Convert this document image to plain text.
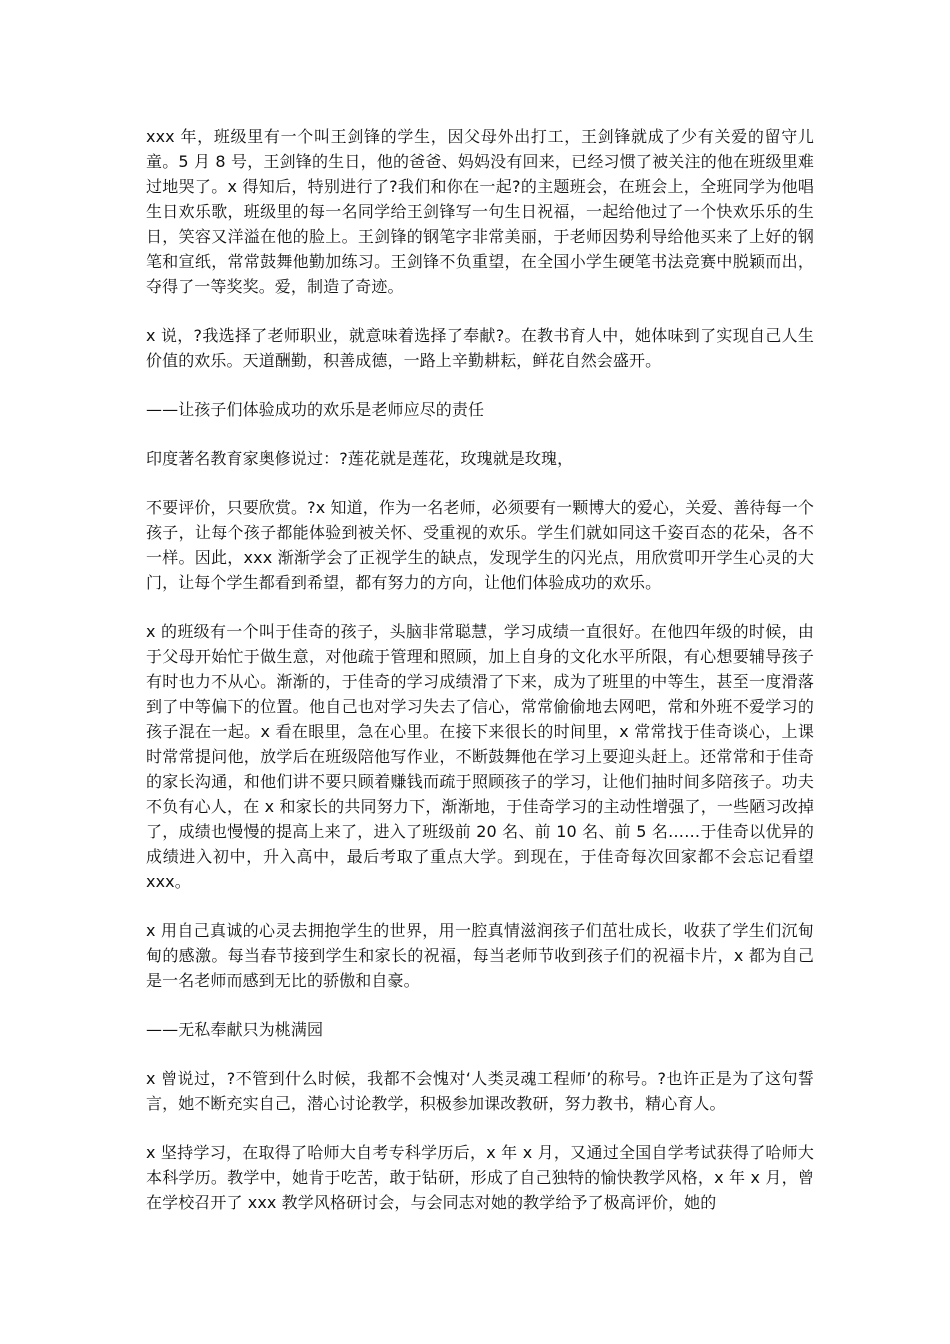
xxx 年，班级里有一个叫王剑锋的学生，因父母外出打工，王剑锋就成了少有关爱的留守儿童。5 月 8 号，王剑锋的生日，他的爸爸、妈妈没有回来，已经习惯了被关注的他在班级里难过地哭了。x 得知后，特别进行了?我们和你在一起?的主题班会，在班会上，全班同学为他唱生日欢乐歌，班级里的每一名同学给王剑锋写一句生日祝福，一起给他过了一个快欢乐乐的生日，笑容又洋溢在他的脸上。王剑锋的钢笔字非常美丽，于老师因势利导给他买来了上好的钢笔和宣纸，常常鼓舞他勤加练习。王剑锋不负重望，在全国小学生硬笔书法竞赛中脱颖而出，夺得了一等奖奖。爱，制造了奇迹。

x 说，?我选择了老师职业，就意味着选择了奉献?。在教书育人中，她体味到了实现自己人生价值的欢乐。天道酬勤，积善成德，一路上辛勤耕耘，鲜花自然会盛开。

——让孩子们体验成功的欢乐是老师应尽的责任

印度著名教育家奥修说过：?莲花就是莲花，玫瑰就是玫瑰，

不要评价，只要欣赏。?x 知道，作为一名老师，必须要有一颗博大的爱心，关爱、善待每一个孩子，让每个孩子都能体验到被关怀、受重视的欢乐。学生们就如同这千姿百态的花朵，各不一样。因此，xxx 渐渐学会了正视学生的缺点，发现学生的闪光点，用欣赏叩开学生心灵的大门，让每个学生都看到希望，都有努力的方向，让他们体验成功的欢乐。

x 的班级有一个叫于佳奇的孩子，头脑非常聪慧，学习成绩一直很好。在他四年级的时候，由于父母开始忙于做生意，对他疏于管理和照顾，加上自身的文化水平所限，有心想要辅导孩子有时也力不从心。渐渐的，于佳奇的学习成绩滑了下来，成为了班里的中等生，甚至一度滑落到了中等偏下的位置。他自己也对学习失去了信心，常常偷偷地去网吧，常和外班不爱学习的孩子混在一起。x 看在眼里，急在心里。在接下来很长的时间里，x 常常找于佳奇谈心，上课时常常提问他，放学后在班级陪他写作业，不断鼓舞他在学习上要迎头赶上。还常常和于佳奇的家长沟通，和他们讲不要只顾着赚钱而疏于照顾孩子的学习，让他们抽时间多陪孩子。功夫不负有心人，在 x 和家长的共同努力下，渐渐地，于佳奇学习的主动性增强了，一些陋习改掉了，成绩也慢慢的提高上来了，进入了班级前 20 名、前 10 名、前 5 名……于佳奇以优异的成绩进入初中，升入高中，最后考取了重点大学。到现在，于佳奇每次回家都不会忘记看望 xxx。

x 用自己真诚的心灵去拥抱学生的世界，用一腔真情滋润孩子们茁壮成长，收获了学生们沉甸甸的感激。每当春节接到学生和家长的祝福，每当老师节收到孩子们的祝福卡片，x 都为自己是一名老师而感到无比的骄傲和自豪。

——无私奉献只为桃满园

x 曾说过，?不管到什么时候，我都不会愧对‘人类灵魂工程师’的称号。?也许正是为了这句誓言，她不断充实自己，潜心讨论教学，积极参加课改教研，努力教书，精心育人。

x 坚持学习，在取得了哈师大自考专科学历后，x 年 x 月，又通过全国自学考试获得了哈师大本科学历。教学中，她肯于吃苦，敢于钻研，形成了自己独特的愉快教学风格，x 年 x 月，曾在学校召开了 xxx 教学风格研讨会，与会同志对她的教学给予了极高评价，她的
